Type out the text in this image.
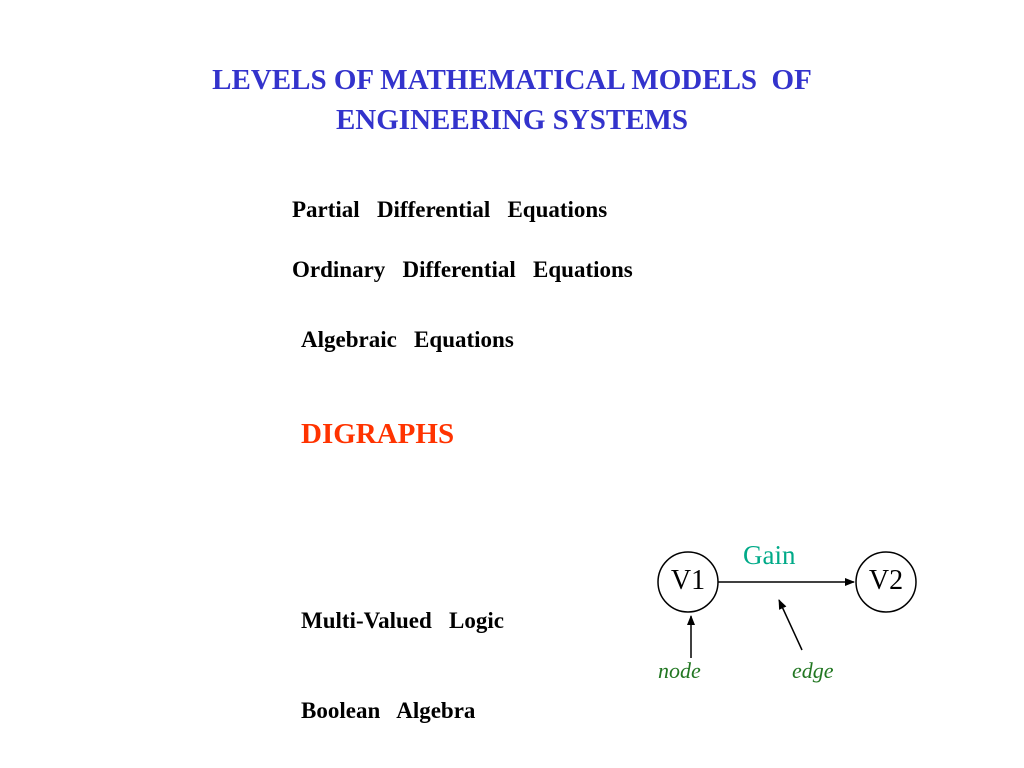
LEVELS OF MATHEMATICAL MODELS  OF
ENGINEERING SYSTEMS
Partial   Differential   Equations
Ordinary   Differential   Equations
Algebraic   Equations
DIGRAPHS
Multi-Valued   Logic
Boolean   Algebra
Gain
V1	V2
node	edge
